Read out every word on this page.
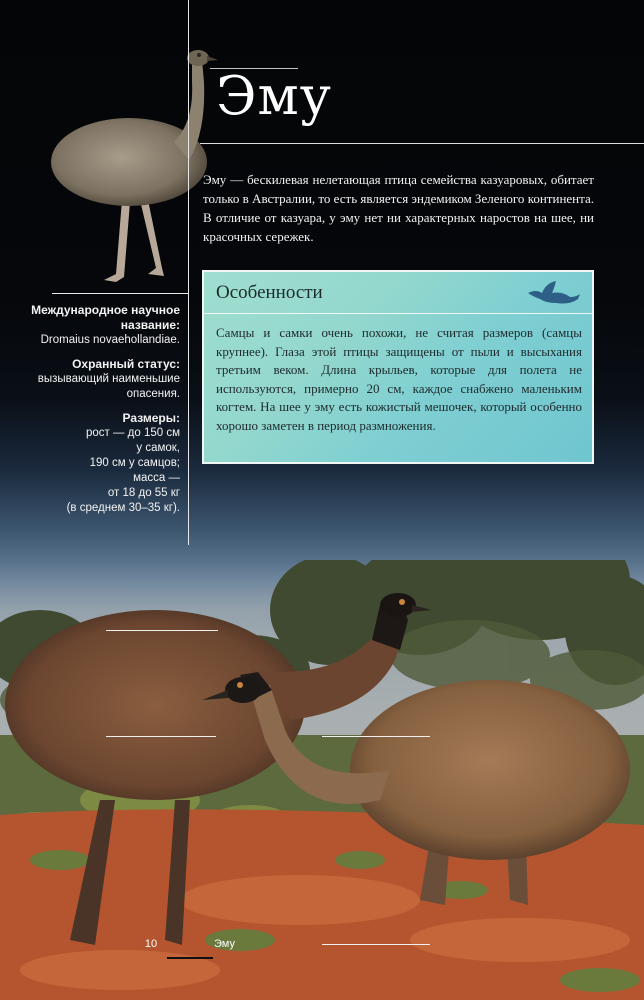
Эму

Эму — бескилевая нелетающая птица семейства казуаровых, обитает только в Австралии, то есть является эндемиком Зеленого континента. В отличие от казуара, у эму нет ни характерных наростов на шее, ни красочных сережек.

Особенности

Самцы и самки очень похожи, не считая размеров (самцы крупнее). Глаза этой птицы защищены от пыли и высыхания третьим веком. Длина крыльев, которые для полета не используются, примерно 20 см, каждое снабжено маленьким когтем. На шее у эму есть кожистый мешочек, который особенно хорошо заметен в период размножения.

Международное научное название:
Dromaius novaehollandiae.
Охранный статус:
вызывающий наименьшие опасения.
Размеры:
рост — до 150 см
у самок,
190 см у самцов;
масса —
от 18 до 55 кг
(в среднем 30–35 кг).
10	Эму
